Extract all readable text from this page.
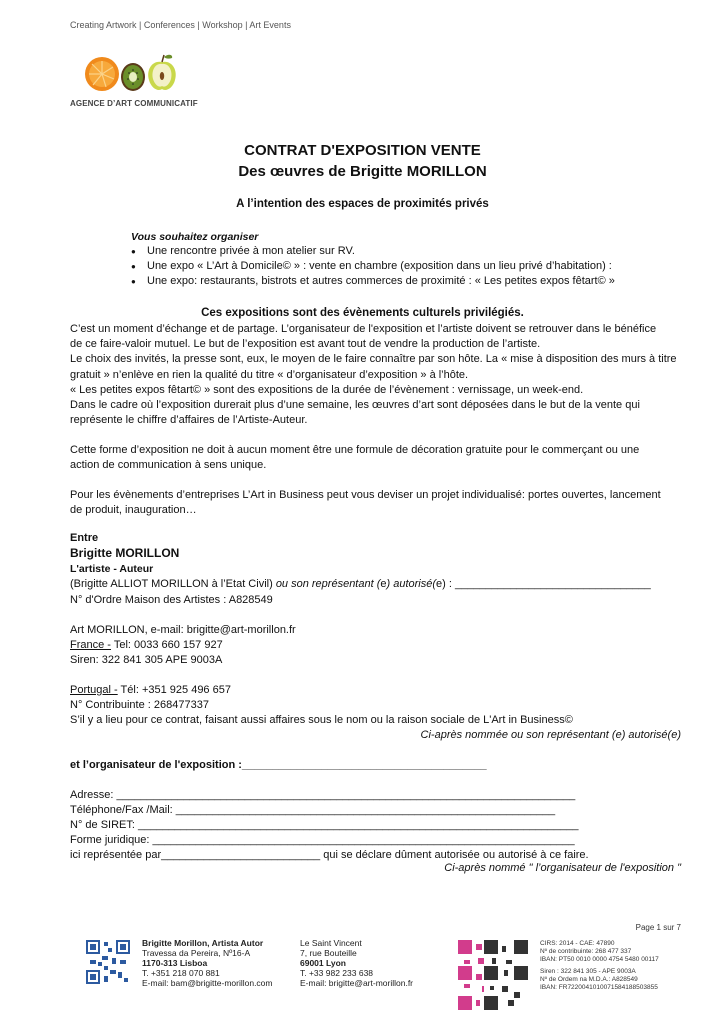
Creating Artwork | Conferences | Workshop | Art Events
AGENCE D’ART COMMUNICATIF
CONTRAT D'EXPOSITION VENTE
Des œuvres de Brigitte MORILLON
A l’intention des espaces de proximités privés
Vous souhaitez organiser
● Une rencontre privée à mon atelier sur RV.
● Une expo « L’Art à Domicile© » : vente en chambre (exposition dans un lieu privé d’habitation) :
● Une expo: restaurants, bistrots et autres commerces de proximité : « Les petites expos fêtart© »
Ces expositions sont des évènements culturels privilégiés.
C’est un moment d’échange et de partage. L’organisateur de l'exposition et l’artiste doivent se retrouver dans le bénéfice
de ce faire-valoir mutuel. Le but de l’exposition est avant tout de vendre la production de l’artiste.
Le choix des invités, la presse sont, eux, le moyen de le faire connaître par son hôte. La « mise à disposition des murs à titre
gratuit » n’enlève en rien la qualité du titre « d’organisateur d’exposition » à l’hôte.
« Les petites expos fêtart© » sont des expositions de la durée de l’évènement : vernissage, un week-end.
Dans le cadre où l’exposition durerait plus d’une semaine, les œuvres d’art sont déposées dans le but de la vente qui
représente le chiffre d’affaires de l’Artiste-Auteur.
Cette forme d’exposition ne doit à aucun moment être une formule de décoration gratuite pour le commerçant ou une
action de communication à sens unique.
Pour les évènements d’entreprises L’Art in Business peut vous deviser un projet individualisé: portes ouvertes, lancement
de produit, inauguration…
Entre
Brigitte MORILLON
L'artiste - Auteur
(Brigitte ALLIOT MORILLON à l’Etat Civil) ou son représentant (e) autorisé(e) : ________________________________
N° d'Ordre Maison des Artistes : A828549
Art MORILLON, e-mail: brigitte@art-morillon.fr
France - Tel: 0033 660 157 927
Siren: 322 841 305 APE 9003A
Portugal - Tél: +351 925 496 657
N° Contribuinte : 268477337
S’il y a lieu pour ce contrat, faisant aussi affaires sous le nom ou la raison sociale de L'Art in Business©
Ci-après nommée ou son représentant (e) autorisé(e)
et l’organisateur de l'exposition :________________________________________
Adresse: ___________________________________________________________________________
Téléphone/Fax /Mail: ______________________________________________________________
N° de SIRET: ________________________________________________________________________
Forme juridique: _____________________________________________________________________
ici représentée par__________________________ qui se déclare dûment autorisée ou autorisé à ce faire.
Ci-après nommé " l’organisateur de l'exposition "
Page 1 sur 7
Brigitte Morillon, Artista Autor
Travessa da Pereira, Nº16-A
1170-313 Lisboa
T. +351 218 070 881
E-mail: bam@brigitte-morillon.com
Le Saint Vincent
7, rue Bouteille
69001 Lyon
T. +33 982 233 638
E-mail: brigitte@art-morillon.fr
CIRS: 2014 - CAE: 47890
Nº de contribuinte: 268 477 337
IBAN: PT50 0010 0000 4754 5480 00117
Siren : 322 841 305 - APE 9003A
Nº de Ordem na M.D.A.: A828549
IBAN: FR7220041010071584188503855
